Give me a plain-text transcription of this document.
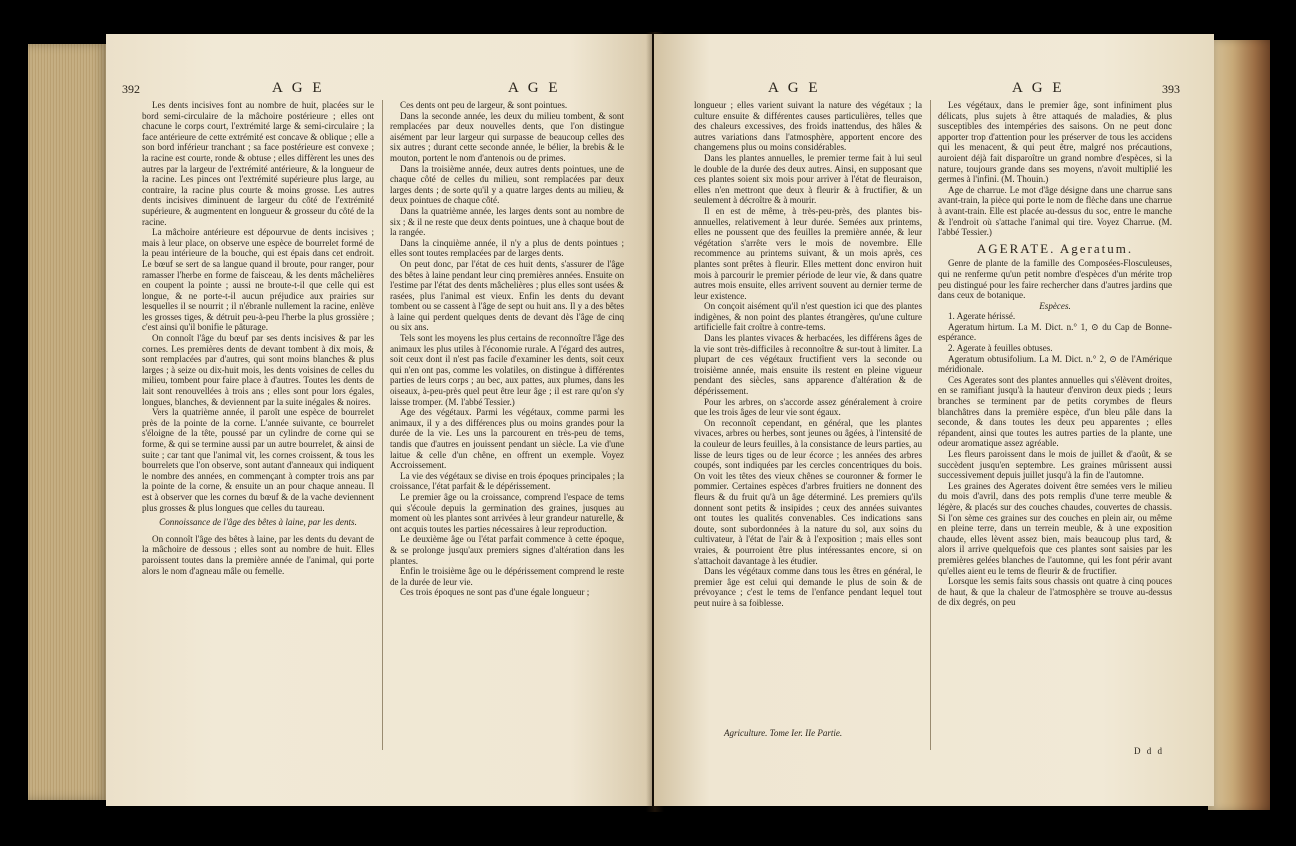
392	A G E	A G E

Les dents incisives font au nombre de huit, placées sur le bord semi-circulaire de la mâchoire postérieure ; elles ont chacune le corps court, l'extrémité large & semi-circulaire ; la face antérieure de cette extrémité est concave & oblique ; elle a son bord inférieur tranchant ; sa face postérieure est convexe ; la racine est courte, ronde & obtuse ; elles diffèrent les unes des autres par la largeur de l'extrémité antérieure, & la longueur de la racine. Les pinces ont l'extrémité supérieure plus large, au contraire, la racine plus courte & moins grosse. Les autres dents incisives diminuent de largeur du côté de l'extrémité supérieure, & augmentent en longueur & grosseur du côté de la racine.

La mâchoire antérieure est dépourvue de dents incisives ; mais à leur place, on observe une espèce de bourrelet formé de la peau intérieure de la bouche, qui est épais dans cet endroit. Le bœuf se sert de sa langue quand il broute, pour ranger, pour ramasser l'herbe en forme de faisceau, & les dents mâchelières en coupent la pointe ; aussi ne broute-t-il que celle qui est longue, & ne porte-t-il aucun préjudice aux prairies sur lesquelles il se nourrit ; il n'ébranle nullement la racine, enlève les grosses tiges, & détruit peu-à-peu l'herbe la plus grossière ; c'est ainsi qu'il bonifie le pâturage.

On connoît l'âge du bœuf par ses dents incisives & par les cornes. Les premières dents de devant tombent à dix mois, & sont remplacées par d'autres, qui sont moins blanches & plus larges ; à seize ou dix-huit mois, les dents voisines de celles du milieu, tombent pour faire place à d'autres. Toutes les dents de lait sont renouvellées à trois ans ; elles sont pour lors égales, longues, blanches, & deviennent par la suite inégales & noires.

Vers la quatrième année, il paroît une espèce de bourrelet près de la pointe de la corne. L'année suivante, ce bourrelet s'éloigne de la tête, poussé par un cylindre de corne qui se forme, & qui se termine aussi par un autre bourrelet, & ainsi de suite ; car tant que l'animal vit, les cornes croissent, & tous les bourrelets que l'on observe, sont autant d'anneaux qui indiquent le nombre des années, en commençant à compter trois ans par la pointe de la corne, & ensuite un an pour chaque anneau. Il est à observer que les cornes du bœuf & de la vache deviennent plus grosses & plus longues que celles du taureau.

Connoissance de l'âge des bêtes à laine, par les dents.

On connoît l'âge des bêtes à laine, par les dents du devant de la mâchoire de dessous ; elles sont au nombre de huit. Elles paroissent toutes dans la première année de l'animal, qui porte alors le nom d'agneau mâle ou femelle.

Ces dents ont peu de largeur, & sont pointues.

Dans la seconde année, les deux du milieu tombent, & sont remplacées par deux nouvelles dents, que l'on distingue aisément par leur largeur qui surpasse de beaucoup celles des six autres ; durant cette seconde année, le bélier, la brebis & le mouton, portent le nom d'antenois ou de primes.

Dans la troisième année, deux autres dents pointues, une de chaque côté de celles du milieu, sont remplacées par deux larges dents ; de sorte qu'il y a quatre larges dents au milieu, & deux pointues de chaque côté.

Dans la quatrième année, les larges dents sont au nombre de six ; & il ne reste que deux dents pointues, une à chaque bout de la rangée.

Dans la cinquième année, il n'y a plus de dents pointues ; elles sont toutes remplacées par de larges dents.

On peut donc, par l'état de ces huit dents, s'assurer de l'âge des bêtes à laine pendant leur cinq premières années. Ensuite on l'estime par l'état des dents mâchelières ; plus elles sont usées & rasées, plus l'animal est vieux. Enfin les dents du devant tombent ou se cassent à l'âge de sept ou huit ans. Il y a des bêtes à laine qui perdent quelques dents de devant dès l'âge de cinq ou six ans.

Tels sont les moyens les plus certains de reconnoître l'âge des animaux les plus utiles à l'économie rurale. A l'égard des autres, soit ceux dont il n'est pas facile d'examiner les dents, soit ceux qui n'en ont pas, comme les volatiles, on distingue à différentes parties de leurs corps ; au bec, aux pattes, aux plumes, dans les oiseaux, à-peu-près quel peut être leur âge ; il est rare qu'on s'y laisse tromper. (M. l'abbé Tessier.)

Age des végétaux. Parmi les végétaux, comme parmi les animaux, il y a des différences plus ou moins grandes pour la durée de la vie. Les uns la parcourent en très-peu de tems, tandis que d'autres en jouissent pendant un siècle. La vie d'une laitue & celle d'un chêne, en offrent un exemple. Voyez Accroissement.

La vie des végétaux se divise en trois époques principales ; la croissance, l'état parfait & le dépérissement.

Le premier âge ou la croissance, comprend l'espace de tems qui s'écoule depuis la germination des graines, jusques au moment où les plantes sont arrivées à leur grandeur naturelle, & ont acquis toutes les parties nécessaires à leur reproduction.

Le deuxième âge ou l'état parfait commence à cette époque, & se prolonge jusqu'aux premiers signes d'altération dans les plantes.

Enfin le troisième âge ou le dépérissement comprend le reste de la durée de leur vie.

Ces trois époques ne sont pas d'une égale longueur ;

A G E	A G E	393

longueur ; elles varient suivant la nature des végétaux ; la culture ensuite & différentes causes particulières, telles que des chaleurs excessives, des froids inattendus, des hâles & autres variations dans l'atmosphère, apportent encore des changemens plus ou moins considérables.

Dans les plantes annuelles, le premier terme fait à lui seul le double de la durée des deux autres. Ainsi, en supposant que ces plantes soient six mois pour arriver à l'état de fleuraison, elles n'en mettront que deux à fleurir & à fructifier, & un seulement à décroître & à mourir.

Il en est de même, à très-peu-près, des plantes bis-annuelles, relativement à leur durée. Semées aux printems, elles ne poussent que des feuilles la première année, & leur végétation s'arrête vers le mois de novembre. Elle recommence au printems suivant, & un mois après, ces plantes sont prêtes à fleurir. Elles mettent donc environ huit mois à parcourir le premier période de leur vie, & dans quatre autres mois ensuite, elles arrivent souvent au dernier terme de leur existence.

On conçoit aisément qu'il n'est question ici que des plantes indigènes, & non point des plantes étrangères, qu'une culture artificielle fait croître à contre-tems.

Dans les plantes vivaces & herbacées, les différens âges de la vie sont très-difficiles à reconnoître & sur-tout à limiter. La plupart de ces végétaux fructifient vers la seconde ou troisième année, mais ensuite ils restent en pleine vigueur pendant des siècles, sans apparence d'altération & de dépérissement.

Pour les arbres, on s'accorde assez généralement à croire que les trois âges de leur vie sont égaux.

On reconnoît cependant, en général, que les plantes vivaces, arbres ou herbes, sont jeunes ou âgées, à l'intensité de la couleur de leurs feuilles, à la consistance de leurs parties, au lisse de leurs tiges ou de leur écorce ; les années des arbres coupés, sont indiquées par les cercles concentriques du bois. On voit les têtes des vieux chênes se couronner & former le pommier. Certaines espèces d'arbres fruitiers ne donnent des fleurs & du fruit qu'à un âge déterminé. Les premiers qu'ils donnent sont petits & insipides ; ceux des années suivantes ont toutes les qualités convenables. Ces indications sans doute, sont subordonnées à la nature du sol, aux soins du cultivateur, à l'état de l'air & à l'exposition ; mais elles sont vraies, & pourroient être plus intéressantes encore, si on s'attachoit davantage à les étudier.

Dans les végétaux comme dans tous les êtres en général, le premier âge est celui qui demande le plus de soin & de prévoyance ; c'est le tems de l'enfance pendant lequel tout peut nuire à sa foiblesse.

Agriculture. Tome Ier. IIe Partie.

Les végétaux, dans le premier âge, sont infiniment plus délicats, plus sujets à être attaqués de maladies, & plus susceptibles des intempéries des saisons. On ne peut donc apporter trop d'attention pour les préserver de tous les accidens qui les menacent, & qui peut être, malgré nos précautions, auroient déjà fait disparoître un grand nombre d'espèces, si la nature, toujours grande dans ses moyens, n'avoit multiplié les germes à l'infini. (M. Thouin.)

Age de charrue. Le mot d'âge désigne dans une charrue sans avant-train, la pièce qui porte le nom de flèche dans une charrue à avant-train. Elle est placée au-dessus du soc, entre le manche & l'endroit où s'attache l'animal qui tire. Voyez Charrue. (M. l'abbé Tessier.)

AGERATE. Ageratum.

Genre de plante de la famille des Composées-Flosculeuses, qui ne renferme qu'un petit nombre d'espèces d'un mérite trop peu distingué pour les faire rechercher dans d'autres jardins que dans ceux de botanique.

Espèces.

1. Agerate hérissé.

Ageratum hirtum. La M. Dict. n.° 1, ⊙ du Cap de Bonne-espérance.

2. Agerate à feuilles obtuses.

Ageratum obtusifolium. La M. Dict. n.° 2, ⊙ de l'Amérique méridionale.

Ces Agerates sont des plantes annuelles qui s'élèvent droites, en se ramifiant jusqu'à la hauteur d'environ deux pieds ; leurs branches se terminent par de petits corymbes de fleurs blanchâtres dans la première espèce, d'un bleu pâle dans la seconde, & dans toutes les deux peu apparentes ; elles répandent, ainsi que toutes les autres parties de la plante, une odeur aromatique assez agréable.

Les fleurs paroissent dans le mois de juillet & d'août, & se succèdent jusqu'en septembre. Les graines mûrissent aussi successivement depuis juillet jusqu'à la fin de l'automne.

Les graines des Agerates doivent être semées vers le milieu du mois d'avril, dans des pots remplis d'une terre meuble & légère, & placés sur des couches chaudes, couvertes de chassis. Si l'on sème ces graines sur des couches en plein air, ou même en pleine terre, dans un terrein meuble, & à une exposition chaude, elles lèvent assez bien, mais beaucoup plus tard, & alors il arrive quelquefois que ces plantes sont saisies par les premières gelées blanches de l'automne, qui les font périr avant qu'elles aient eu le tems de fleurir & de fructifier.

Lorsque les semis faits sous chassis ont quatre à cinq pouces de haut, & que la chaleur de l'atmosphère se trouve au-dessus de dix degrés, on peu

D d d
